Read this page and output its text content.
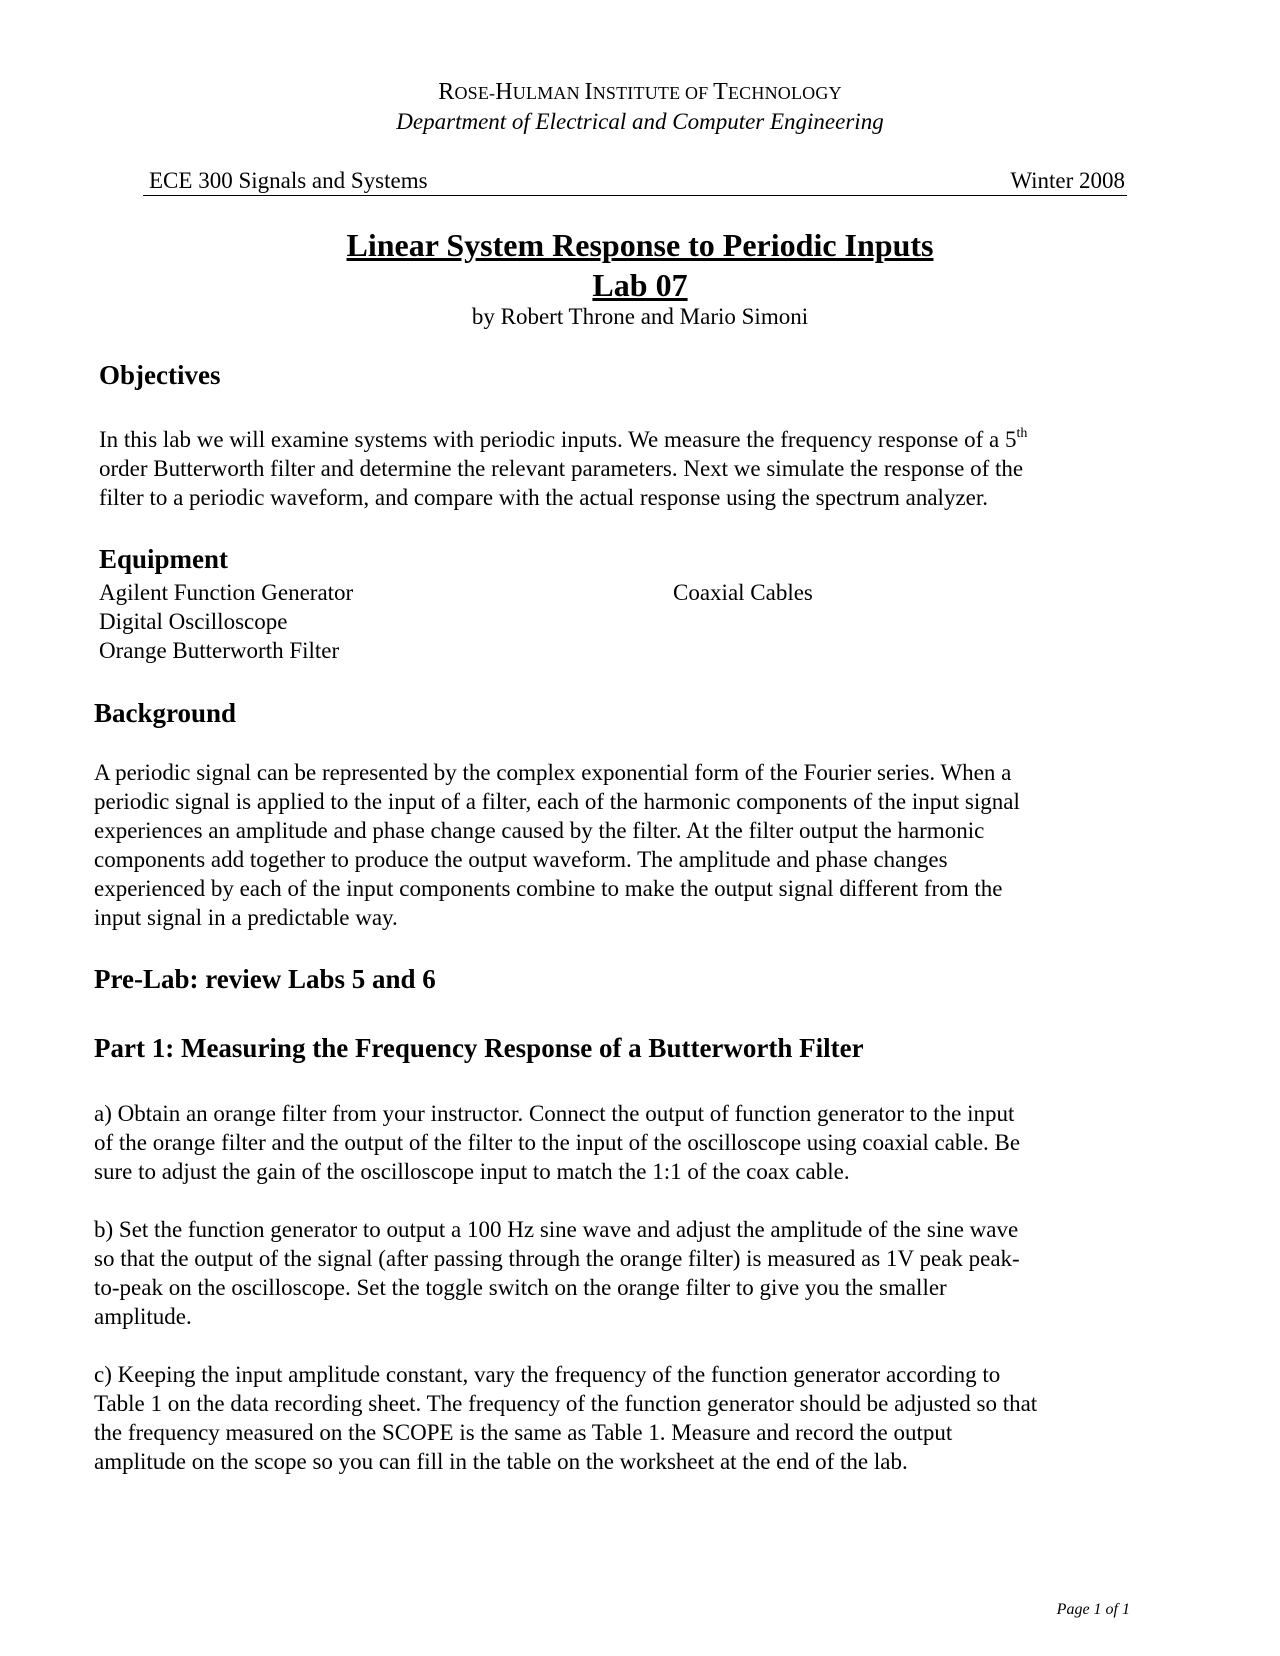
ROSE-HULMAN INSTITUTE OF TECHNOLOGY
Department of Electrical and Computer Engineering
ECE 300 Signals and Systems	Winter 2008
Linear System Response to Periodic Inputs
Lab 07
by Robert Throne and Mario Simoni
Objectives
In this lab we will examine systems with periodic inputs. We measure the frequency response of a 5th
order Butterworth filter and determine the relevant parameters. Next we simulate the response of the
filter to a periodic waveform, and compare with the actual response using the spectrum analyzer.
Equipment
Agilent Function Generator
Digital Oscilloscope
Orange Butterworth Filter
Coaxial Cables
Background
A periodic signal can be represented by the complex exponential form of the Fourier series. When a
periodic signal is applied to the input of a filter, each of the harmonic components of the input signal
experiences an amplitude and phase change caused by the filter. At the filter output the harmonic
components add together to produce the output waveform. The amplitude and phase changes
experienced by each of the input components combine to make the output signal different from the
input signal in a predictable way.
Pre-Lab: review Labs 5 and 6
Part 1: Measuring the Frequency Response of a Butterworth Filter
a) Obtain an orange filter from your instructor. Connect the output of function generator to the input
of the orange filter and the output of the filter to the input of the oscilloscope using coaxial cable. Be
sure to adjust the gain of the oscilloscope input to match the 1:1 of the coax cable.
b) Set the function generator to output a 100 Hz sine wave and adjust the amplitude of the sine wave
so that the output of the signal (after passing through the orange filter) is measured as 1V peak peak-
to-peak on the oscilloscope. Set the toggle switch on the orange filter to give you the smaller
amplitude.
c) Keeping the input amplitude constant, vary the frequency of the function generator according to
Table 1 on the data recording sheet. The frequency of the function generator should be adjusted so that
the frequency measured on the SCOPE is the same as Table 1. Measure and record the output
amplitude on the scope so you can fill in the table on the worksheet at the end of the lab.
Page 1 of 1
